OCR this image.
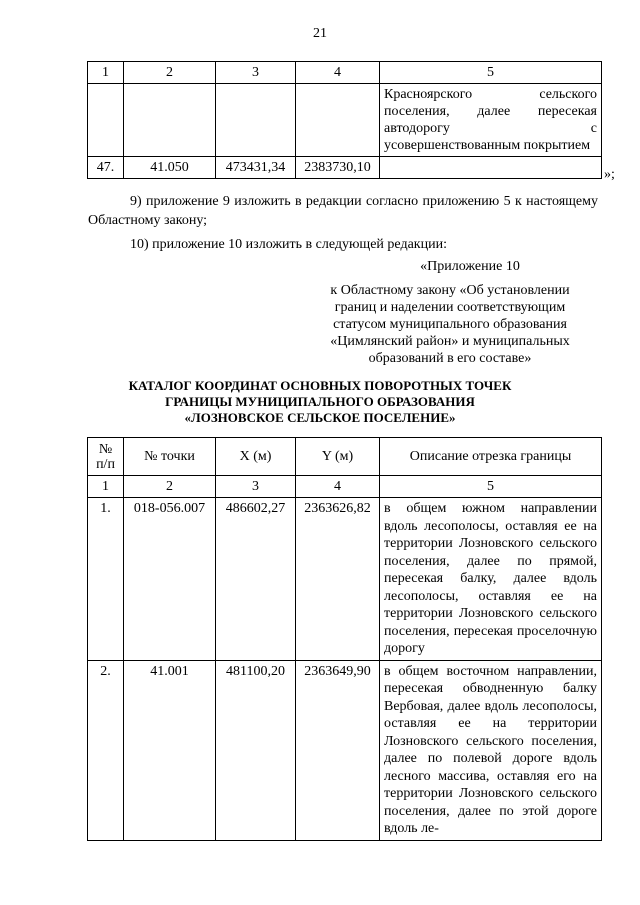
21
1	2	3	4	5
				Красноярского сельского поселения, далее пересекая автодорогу с усовершенствованным покрытием
47.	41.050	473431,34	2383730,10		»;
9) приложение 9 изложить в редакции согласно приложению 5 к настоящему Областному закону;
10) приложение 10 изложить в следующей редакции:
«Приложение 10
к Областному закону «Об установлении
границ и наделении соответствующим
статусом муниципального образования
«Цимлянский район» и муниципальных
образований в его составе»
КАТАЛОГ КООРДИНАТ ОСНОВНЫХ ПОВОРОТНЫХ ТОЧЕК
ГРАНИЦЫ МУНИЦИПАЛЬНОГО ОБРАЗОВАНИЯ
«ЛОЗНОВСКОЕ СЕЛЬСКОЕ ПОСЕЛЕНИЕ»
№
п/п	№ точки	X (м)	Y (м)	Описание отрезка границы
1	2	3	4	5
1.	018-056.007	486602,27	2363626,82	в общем южном направлении вдоль лесополосы, оставляя ее на территории Лозновского сельского поселения, далее по прямой, пересекая балку, далее вдоль лесополосы, оставляя ее на территории Лозновского сельского поселения, пересекая проселочную дорогу
2.	41.001	481100,20	2363649,90	в общем восточном направлении, пересекая обводненную балку Вербовая, далее вдоль лесополосы, оставляя ее на территории Лозновского сельского поселения, далее по полевой дороге вдоль лесного массива, оставляя его на территории Лозновского сельского поселения, далее по этой дороге вдоль ле-
